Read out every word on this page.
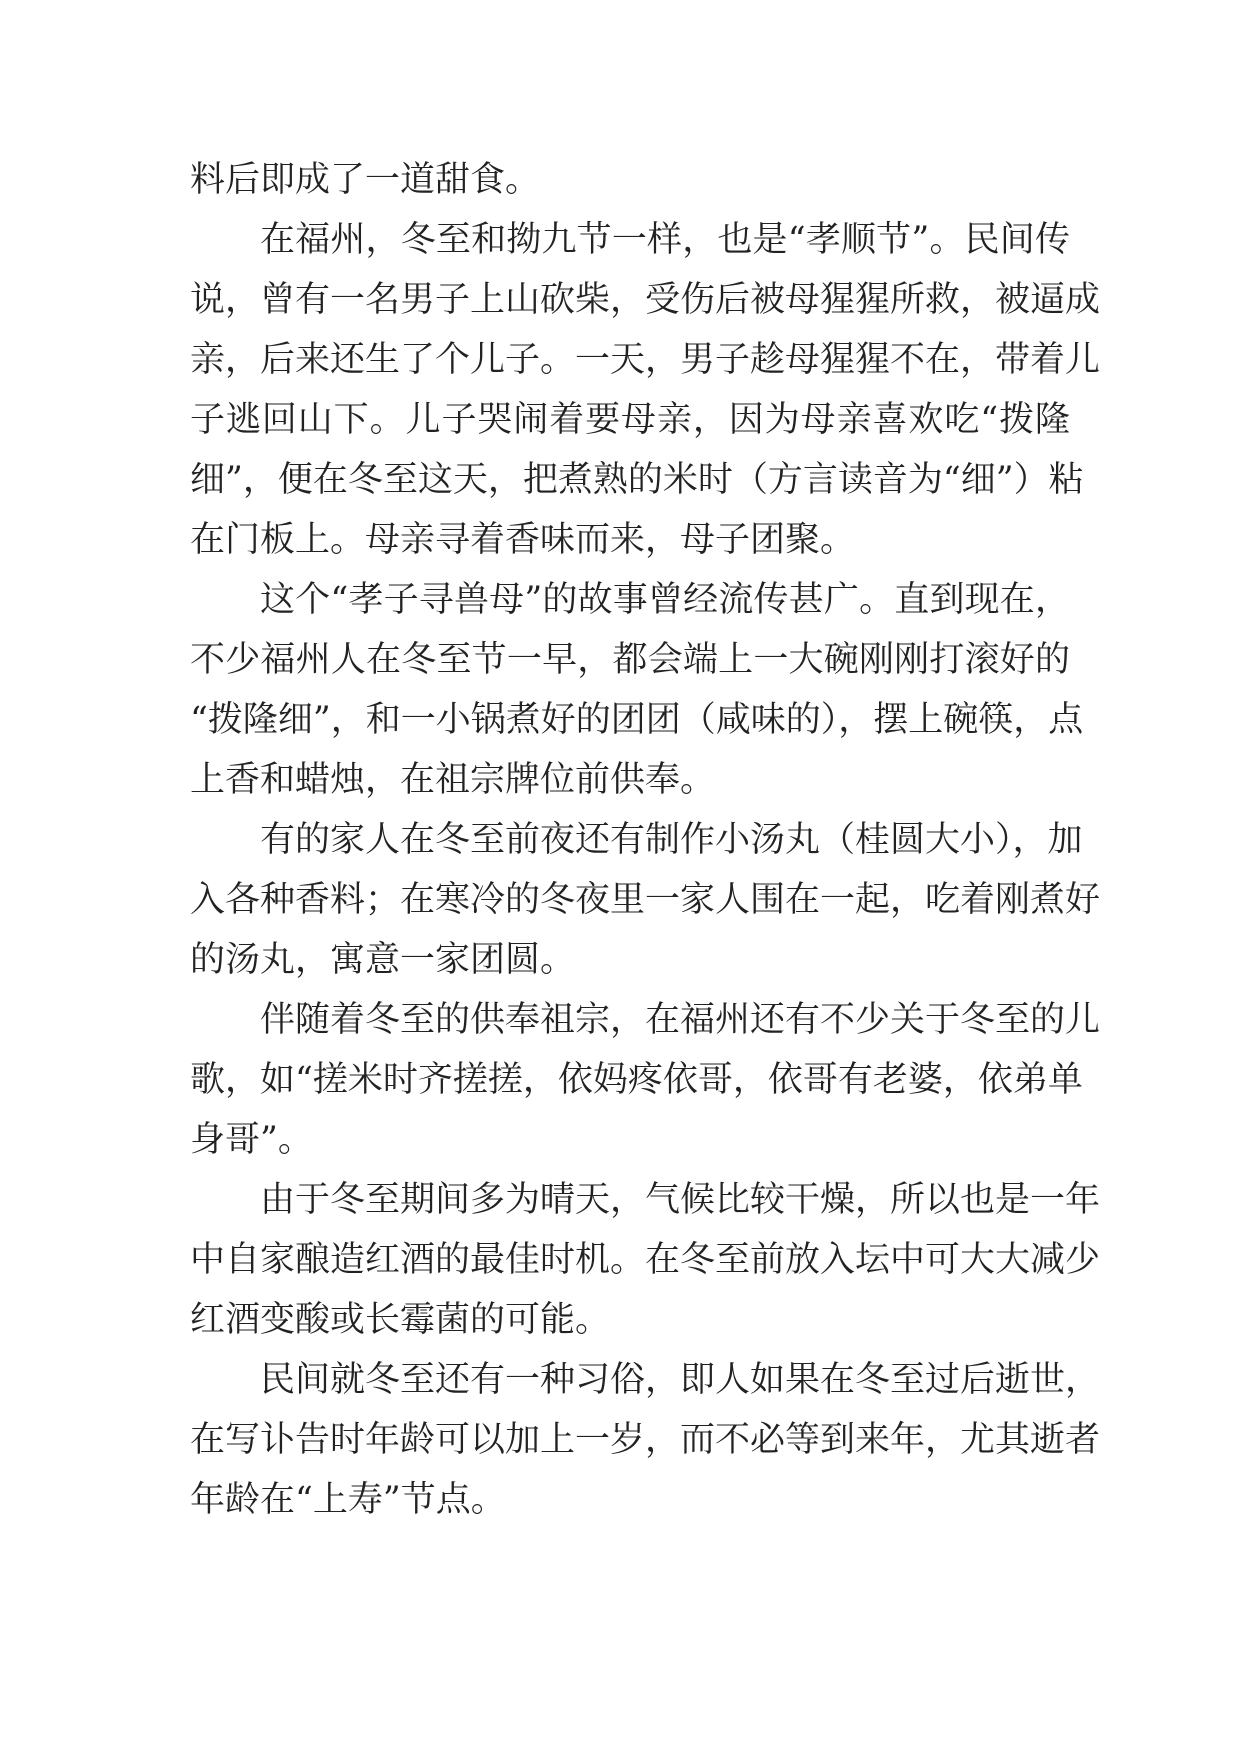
料后即成了一道甜食。
在福州，冬至和拗九节一样，也是“孝顺节”。民间传
说，曾有一名男子上山砍柴，受伤后被母猩猩所救，被逼成
亲，后来还生了个儿子。一天，男子趁母猩猩不在，带着儿
子逃回山下。儿子哭闹着要母亲，因为母亲喜欢吃“拨隆
细”，便在冬至这天，把煮熟的米时（方言读音为“细”）粘
在门板上。母亲寻着香味而来，母子团聚。
这个“孝子寻兽母”的故事曾经流传甚广。直到现在，
不少福州人在冬至节一早，都会端上一大碗刚刚打滚好的
“拨隆细”，和一小锅煮好的团团（咸味的），摆上碗筷，点
上香和蜡烛，在祖宗牌位前供奉。
有的家人在冬至前夜还有制作小汤丸（桂圆大小），加
入各种香料；在寒冷的冬夜里一家人围在一起，吃着刚煮好
的汤丸，寓意一家团圆。
伴随着冬至的供奉祖宗，在福州还有不少关于冬至的儿
歌，如“搓米时齐搓搓，依妈疼依哥，依哥有老婆，依弟单
身哥”。
由于冬至期间多为晴天，气候比较干燥，所以也是一年
中自家酿造红酒的最佳时机。在冬至前放入坛中可大大减少
红酒变酸或长霉菌的可能。
民间就冬至还有一种习俗，即人如果在冬至过后逝世，
在写讣告时年龄可以加上一岁，而不必等到来年，尤其逝者
年龄在“上寿”节点。
